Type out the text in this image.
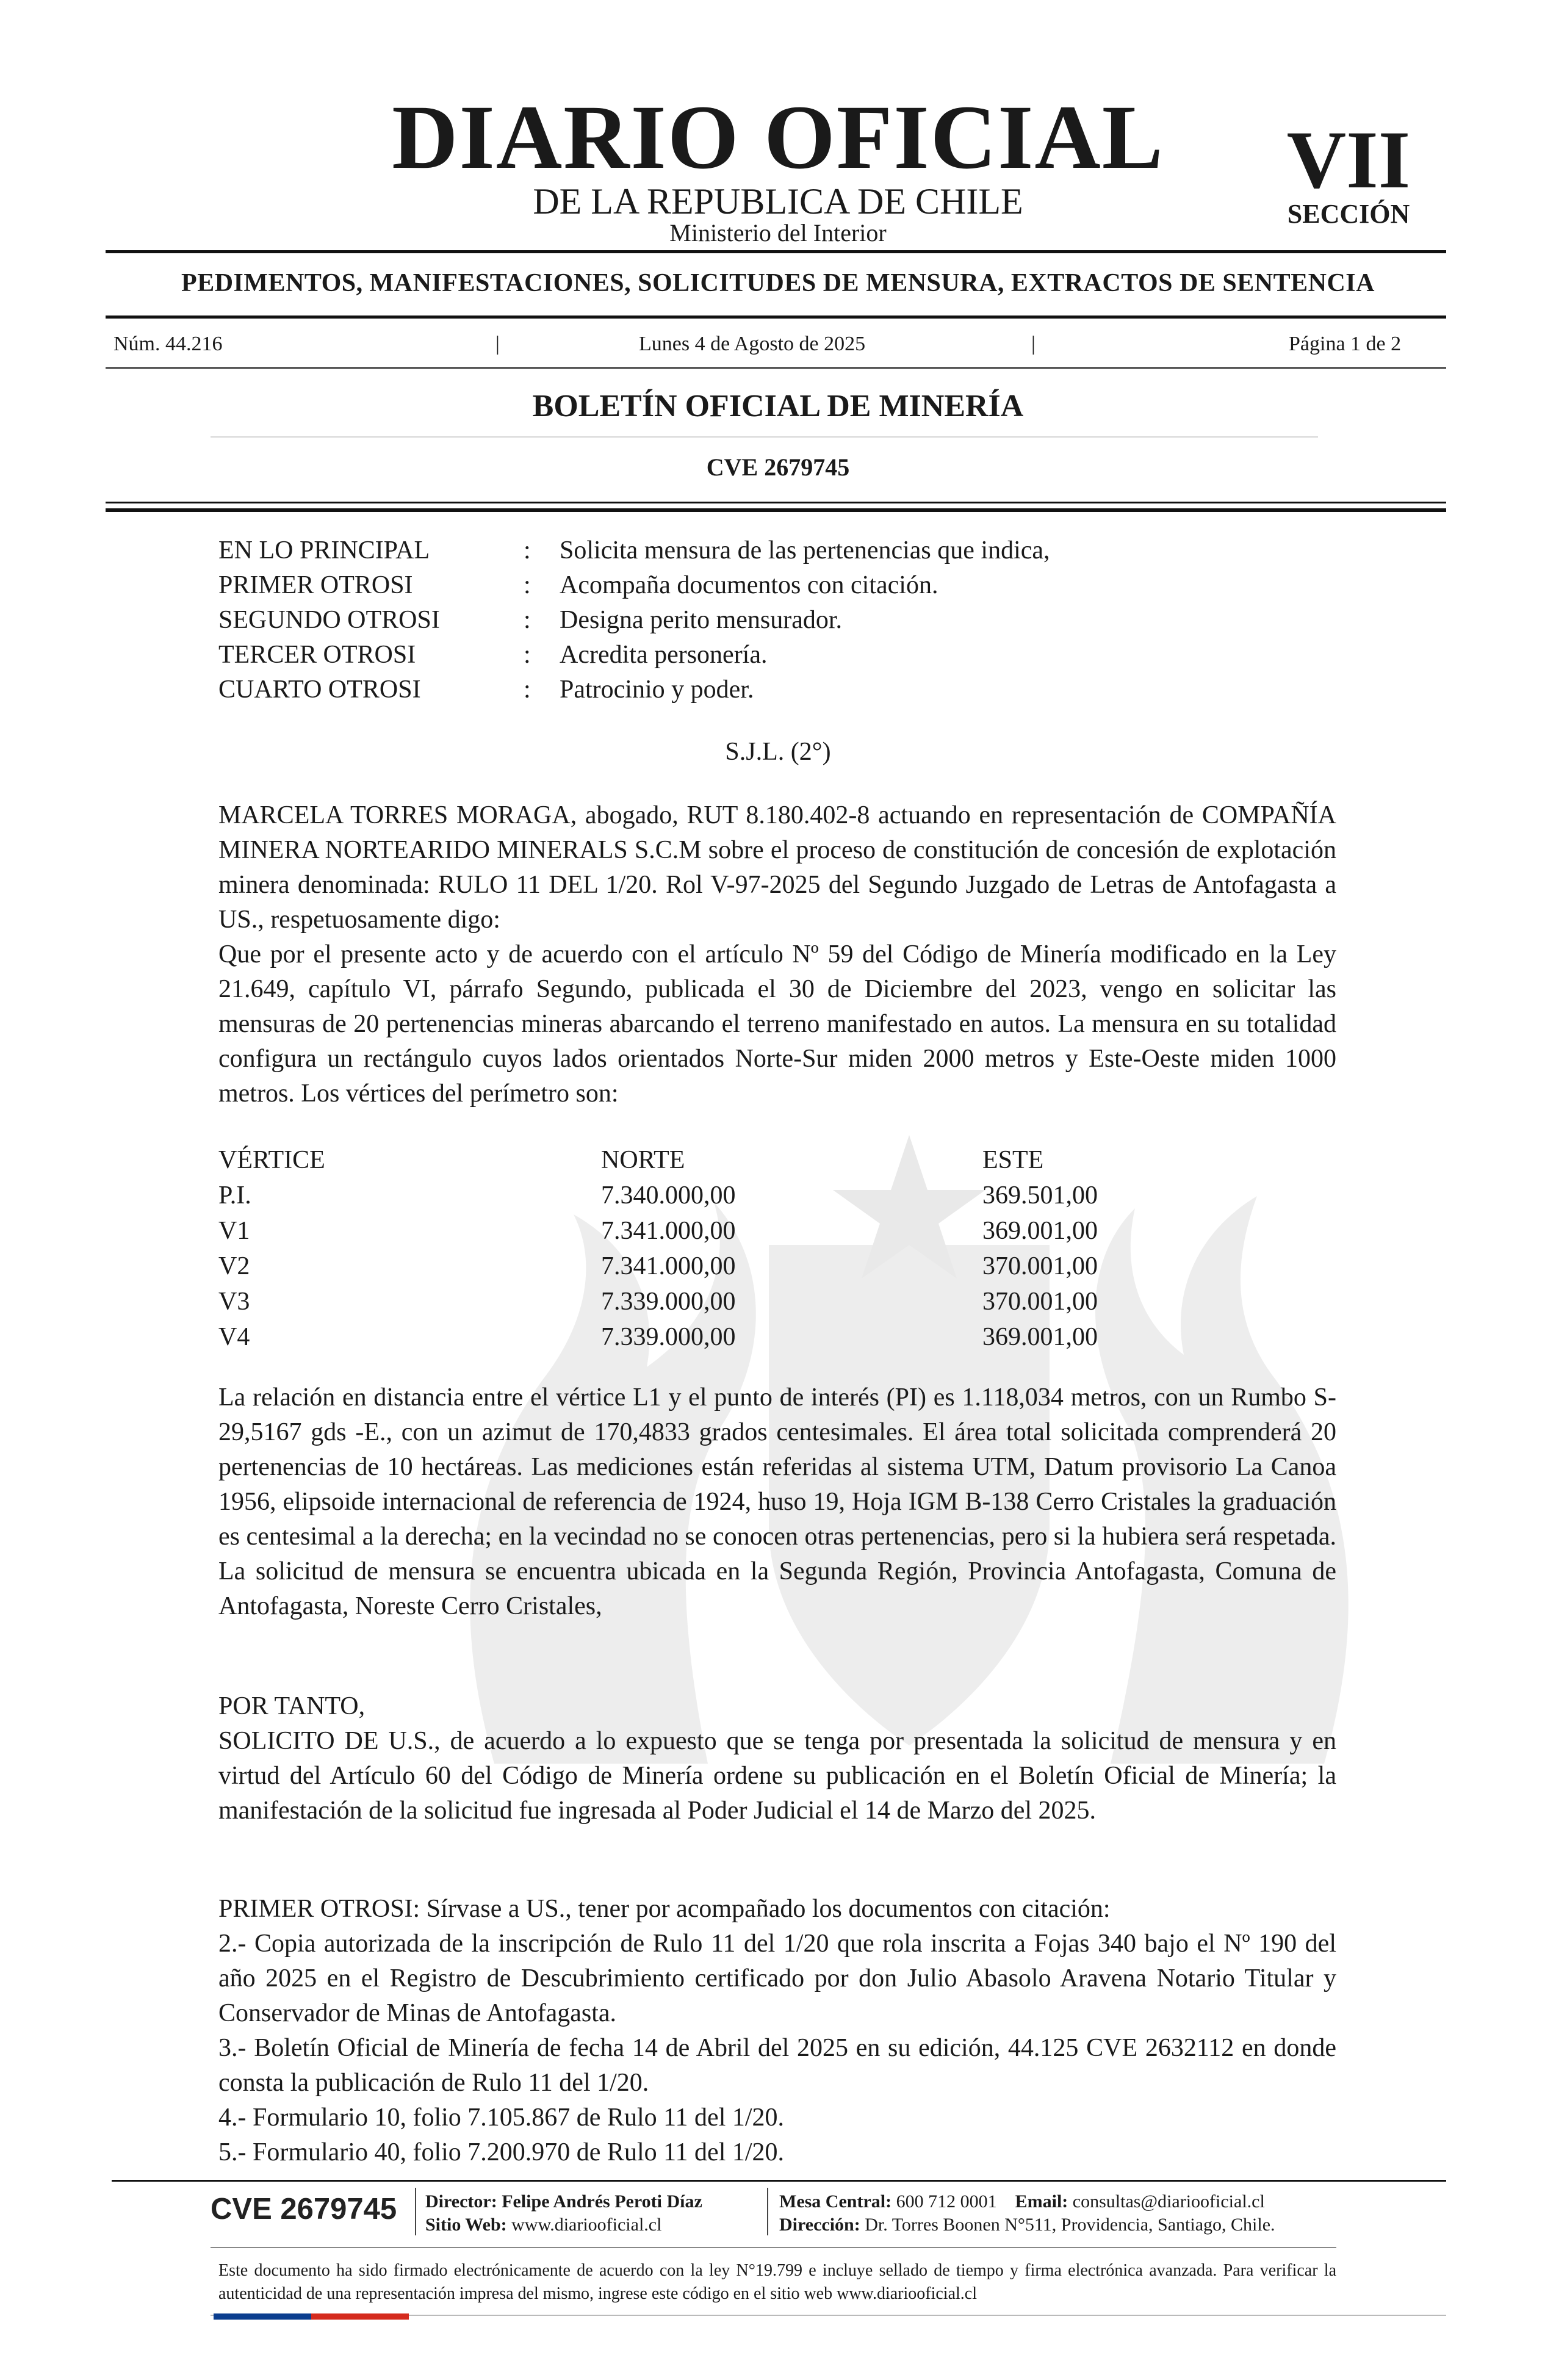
DIARIO OFICIAL
DE LA REPUBLICA DE CHILE
Ministerio del Interior
VII
SECCIÓN
PEDIMENTOS, MANIFESTACIONES, SOLICITUDES DE MENSURA, EXTRACTOS DE SENTENCIA
Núm. 44.216	|	Lunes 4 de Agosto de 2025	|	Página 1 de 2
BOLETÍN OFICIAL DE MINERÍA
CVE 2679745
EN LO PRINCIPAL	: Solicita mensura de las pertenencias que indica,
PRIMER OTROSI	: Acompaña documentos con citación.
SEGUNDO OTROSI	: Designa perito mensurador.
TERCER OTROSI	: Acredita personería.
CUARTO OTROSI	: Patrocinio y poder.
S.J.L. (2°)

MARCELA TORRES MORAGA, abogado, RUT 8.180.402-8 actuando en representación de COMPAÑÍA MINERA NORTEARIDO MINERALS S.C.M sobre el proceso de constitución de concesión de explotación minera denominada: RULO 11 DEL 1/20. Rol V-97-2025 del Segundo Juzgado de Letras de Antofagasta a US., respetuosamente digo:

Que por el presente acto y de acuerdo con el artículo Nº 59 del Código de Minería modificado en la Ley 21.649, capítulo VI, párrafo Segundo, publicada el 30 de Diciembre del 2023, vengo en solicitar las mensuras de 20 pertenencias mineras abarcando el terreno manifestado en autos. La mensura en su totalidad configura un rectángulo cuyos lados orientados Norte-Sur miden 2000 metros y Este-Oeste miden 1000 metros. Los vértices del perímetro son:

VÉRTICE	NORTE	ESTE
P.I.	7.340.000,00	369.501,00
V1	7.341.000,00	369.001,00
V2	7.341.000,00	370.001,00
V3	7.339.000,00	370.001,00
V4	7.339.000,00	369.001,00

La relación en distancia entre el vértice L1 y el punto de interés (PI) es 1.118,034 metros, con un Rumbo S-29,5167 gds -E., con un azimut de 170,4833 grados centesimales. El área total solicitada comprenderá 20 pertenencias de 10 hectáreas. Las mediciones están referidas al sistema UTM, Datum provisorio La Canoa 1956, elipsoide internacional de referencia de 1924, huso 19, Hoja IGM B-138 Cerro Cristales la graduación es centesimal a la derecha; en la vecindad no se conocen otras pertenencias, pero si la hubiera será respetada. La solicitud de mensura se encuentra ubicada en la Segunda Región, Provincia Antofagasta, Comuna de Antofagasta, Noreste Cerro Cristales,

POR TANTO,

SOLICITO DE U.S., de acuerdo a lo expuesto que se tenga por presentada la solicitud de mensura y en virtud del Artículo 60 del Código de Minería ordene su publicación en el Boletín Oficial de Minería; la manifestación de la solicitud fue ingresada al Poder Judicial el 14 de Marzo del 2025.

PRIMER OTROSI: Sírvase a US., tener por acompañado los documentos con citación:

2.- Copia autorizada de la inscripción de Rulo 11 del 1/20 que rola inscrita a Fojas 340 bajo el Nº 190 del año 2025 en el Registro de Descubrimiento certificado por don Julio Abasolo Aravena Notario Titular y Conservador de Minas de Antofagasta.

3.- Boletín Oficial de Minería de fecha 14 de Abril del 2025 en su edición, 44.125 CVE 2632112 en donde consta la publicación de Rulo 11 del 1/20.

4.- Formulario 10, folio 7.105.867 de Rulo 11 del 1/20.

5.- Formulario 40, folio 7.200.970 de Rulo 11 del 1/20.

CVE 2679745 Director: Felipe Andrés Peroti Díaz
Sitio Web: www.diariooficial.cl
Mesa Central: 600 712 0001 Email: consultas@diariooficial.cl
Dirección: Dr. Torres Boonen N°511, Providencia, Santiago, Chile.
Este documento ha sido firmado electrónicamente de acuerdo con la ley N°19.799 e incluye sellado de tiempo y firma electrónica avanzada. Para verificar la autenticidad de una representación impresa del mismo, ingrese este código en el sitio web www.diariooficial.cl
